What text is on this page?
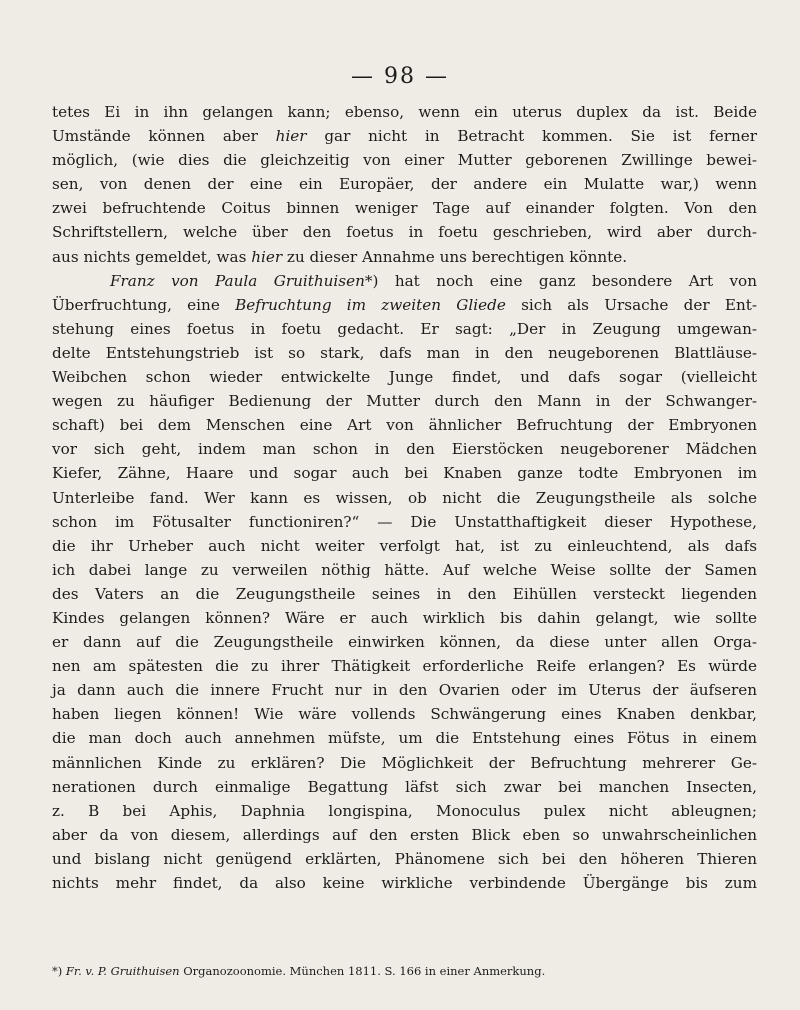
— 98 —
tetes Ei in ihn gelangen kann; ebenso, wenn ein uterus duplex da ist. Beide
Umstände können aber hier gar nicht in Betracht kommen. Sie ist ferner
möglich, (wie dies die gleichzeitig von einer Mutter geborenen Zwillinge bewei-
sen, von denen der eine ein Europäer, der andere ein Mulatte war,) wenn
zwei befruchtende Coitus binnen weniger Tage auf einander folgten. Von den
Schriftstellern, welche über den foetus in foetu geschrieben, wird aber durch-
aus nichts gemeldet, was hier zu dieser Annahme uns berechtigen könnte.
Franz von Paula Gruithuisen*) hat noch eine ganz besondere Art von
Überfruchtung, eine Befruchtung im zweiten Gliede sich als Ursache der Ent-
stehung eines foetus in foetu gedacht. Er sagt: „Der in Zeugung umgewan-
delte Entstehungstrieb ist so stark, dafs man in den neugeborenen Blattläuse-
Weibchen schon wieder entwickelte Junge findet, und dafs sogar (vielleicht
wegen zu häufiger Bedienung der Mutter durch den Mann in der Schwanger-
schaft) bei dem Menschen eine Art von ähnlicher Befruchtung der Embryonen
vor sich geht, indem man schon in den Eierstöcken neugeborener Mädchen
Kiefer, Zähne, Haare und sogar auch bei Knaben ganze todte Embryonen im
Unterleibe fand. Wer kann es wissen, ob nicht die Zeugungstheile als solche
schon im Fötusalter functioniren?“ — Die Unstatthaftigkeit dieser Hypothese,
die ihr Urheber auch nicht weiter verfolgt hat, ist zu einleuchtend, als dafs
ich dabei lange zu verweilen nöthig hätte. Auf welche Weise sollte der Samen
des Vaters an die Zeugungstheile seines in den Eihüllen versteckt liegenden
Kindes gelangen können? Wäre er auch wirklich bis dahin gelangt, wie sollte
er dann auf die Zeugungstheile einwirken können, da diese unter allen Orga-
nen am spätesten die zu ihrer Thätigkeit erforderliche Reife erlangen? Es würde
ja dann auch die innere Frucht nur in den Ovarien oder im Uterus der äufseren
haben liegen können! Wie wäre vollends Schwängerung eines Knaben denkbar,
die man doch auch annehmen müfste, um die Entstehung eines Fötus in einem
männlichen Kinde zu erklären? Die Möglichkeit der Befruchtung mehrerer Ge-
nerationen durch einmalige Begattung läfst sich zwar bei manchen Insecten,
z. B bei Aphis, Daphnia longispina, Monoculus pulex nicht ableugnen;
aber da von diesem, allerdings auf den ersten Blick eben so unwahrscheinlichen
und bislang nicht genügend erklärten, Phänomene sich bei den höheren Thieren
nichts mehr findet, da also keine wirkliche verbindende Übergänge bis zum
*) Fr. v. P. Gruithuisen Organozoonomie. München 1811. S. 166 in einer Anmerkung.
